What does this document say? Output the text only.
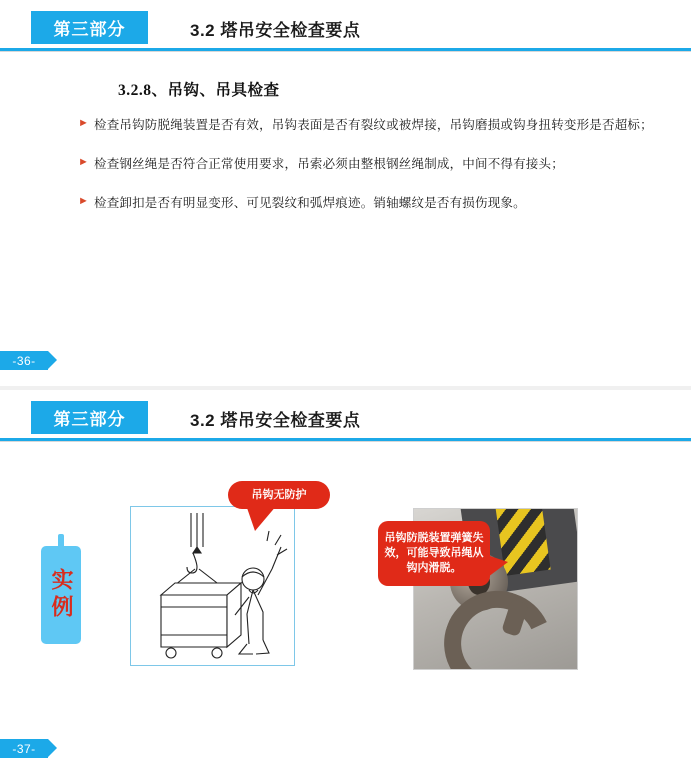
第三部分	3.2 塔吊安全检查要点
3.2.8、吊钩、吊具检查
► 检查吊钩防脱绳装置是否有效，吊钩表面是否有裂纹或被焊接，吊钩磨损或钩身扭转变形是否超标；
► 检查钢丝绳是否符合正常使用要求，吊索必须由整根钢丝绳制成，中间不得有接头；
► 检查卸扣是否有明显变形、可见裂纹和弧焊痕迹。销轴螺纹是否有损伤现象。
-36-
第三部分	3.2 塔吊安全检查要点
-37-
实例
吊钩无防护
吊钩防脱装置弹簧失效，可能导致吊绳从钩内滑脱。
